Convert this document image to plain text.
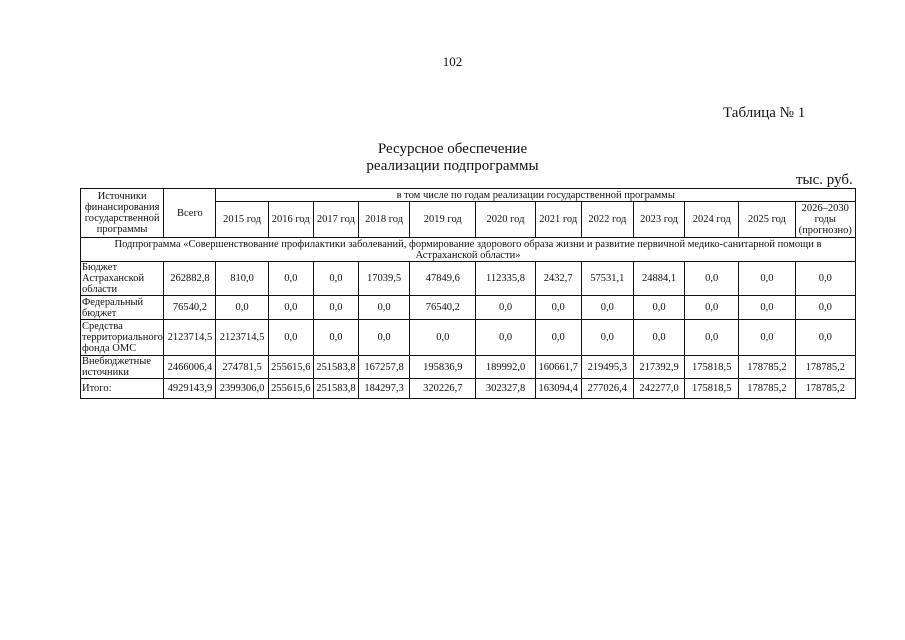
102
Таблица № 1
Ресурсное обеспечение
реализации подпрограммы
тыс. руб.
Источники финансирования государственной программы	Всего	в том числе по годам реализации государственной программы											
		2015 год	2016 год	2017 год	2018 год	2019 год	2020 год	2021 год	2022 год	2023 год	2024 год	2025 год	2026–2030 годы (прогнозно)
Подпрограмма «Совершенствование профилактики заболеваний, формирование здорового образа жизни и развитие первичной медико-санитарной помощи в Астраханской области»													
Бюджет Астраханской области	262882,8	810,0	0,0	0,0	17039,5	47849,6	112335,8	2432,7	57531,1	24884,1	0,0	0,0	0,0
Федеральный бюджет	76540,2	0,0	0,0	0,0	0,0	76540,2	0,0	0,0	0,0	0,0	0,0	0,0	0,0
Средства территориального фонда ОМС	2123714,5	2123714,5	0,0	0,0	0,0	0,0	0,0	0,0	0,0	0,0	0,0	0,0	0,0
Внебюджетные источники	2466006,4	274781,5	255615,6	251583,8	167257,8	195836,9	189992,0	160661,7	219495,3	217392,9	175818,5	178785,2	178785,2
Итого:	4929143,9	2399306,0	255615,6	251583,8	184297,3	320226,7	302327,8	163094,4	277026,4	242277,0	175818,5	178785,2	178785,2
